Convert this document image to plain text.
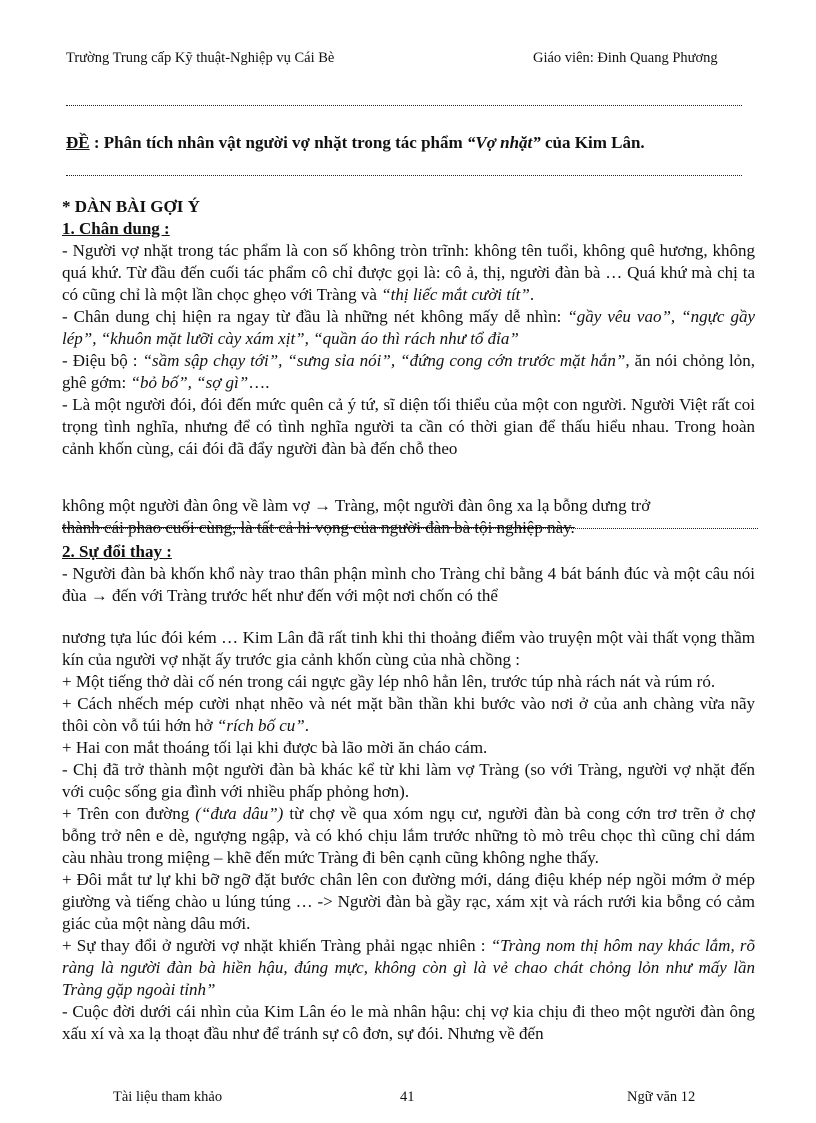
Trường Trung cấp Kỹ thuật-Nghiệp vụ Cái Bè	Giáo viên: Đinh Quang Phương
ĐỀ : Phân tích nhân vật người vợ nhặt trong tác phẩm “Vợ nhặt” của Kim Lân.

* DÀN BÀI GỢI Ý

1. Chân dung :

- Người vợ nhặt trong tác phẩm là con số không tròn trĩnh: không tên tuổi, không quê hương, không quá khứ. Từ đầu đến cuối tác phẩm cô chỉ được gọi là: cô ả, thị, người đàn bà … Quá khứ mà chị ta có cũng chỉ là một lần chọc ghẹo với Tràng và “thị liếc mắt cười tít”.

- Chân dung chị hiện ra ngay từ đầu là những nét không mấy dễ nhìn: “gầy vêu vao”, “ngực gầy lép”, “khuôn mặt lưỡi cày xám xịt”, “quần áo thì rách như tổ đỉa”

- Điệu bộ : “sầm sập chạy tới”, “sưng sỉa nói”, “đứng cong cớn trước mặt hắn”, ăn nói chỏng lỏn, ghê gớm: “bỏ bố”, “sợ gì”….

- Là một người đói, đói đến mức quên cả ý tứ, sĩ diện tối thiểu của một con người. Người Việt rất coi trọng tình nghĩa, nhưng để có tình nghĩa người ta cần có thời gian để thấu hiểu nhau. Trong hoàn cảnh khốn cùng, cái đói đã đẩy người đàn bà đến chỗ theo

không một người đàn ông về làm vợ → Tràng, một người đàn ông xa lạ bỗng dưng trở

thành cái phao cuối cùng, là tất cả hi vọng của người đàn bà tội nghiệp này.

2. Sự đổi thay :

- Người đàn bà khốn khổ này trao thân phận mình cho Tràng chỉ bằng 4 bát bánh đúc và một câu nói đùa → đến với Tràng trước hết như đến với một nơi chốn có thể

nương tựa lúc đói kém … Kim Lân đã rất tinh khi thi thoảng điểm vào truyện một vài thất vọng thầm kín của người vợ nhặt ấy trước gia cảnh khốn cùng của nhà chồng :

+ Một tiếng thở dài cố nén trong cái ngực gầy lép nhô hẳn lên, trước túp nhà rách nát và rúm ró.

+ Cách nhếch mép cười nhạt nhẽo và nét mặt bần thần khi bước vào nơi ở của anh chàng vừa nãy thôi còn vỗ túi hớn hở “rích bố cu”.

+ Hai con mắt thoáng tối lại khi được bà lão mời ăn cháo cám.

- Chị đã trở thành một người đàn bà khác kể từ khi làm vợ Tràng (so với Tràng, người vợ nhặt đến với cuộc sống gia đình với nhiều phấp phỏng hơn).

+ Trên con đường (“đưa dâu”) từ chợ về qua xóm ngụ cư, người đàn bà cong cớn trơ trẽn ở chợ bỗng trở nên e dè, ngượng ngập, và có khó chịu lắm trước những tò mò trêu chọc thì cũng chỉ dám càu nhàu trong miệng – khẽ đến mức Tràng đi bên cạnh cũng không nghe thấy.

+ Đôi mắt tư lự khi bỡ ngỡ đặt bước chân lên con đường mới, dáng điệu khép nép ngồi mớm ở mép giường và tiếng chào u lúng túng … -> Người đàn bà gầy rạc, xám xịt và rách rưới kia bỗng có cảm giác của một nàng dâu mới.

+ Sự thay đổi ở người vợ nhặt khiến Tràng phải ngạc nhiên : “Tràng nom thị hôm nay khác lắm, rõ ràng là người đàn bà hiền hậu, đúng mực, không còn gì là vẻ chao chát chỏng lỏn như mấy lần Tràng gặp ngoài tỉnh”

- Cuộc đời dưới cái nhìn của Kim Lân éo le mà nhân hậu: chị vợ kia chịu đi theo một người đàn ông xấu xí và xa lạ thoạt đầu như để tránh sự cô đơn, sự đói. Nhưng về đến

Tài liệu tham khảo	41	Ngữ văn 12
